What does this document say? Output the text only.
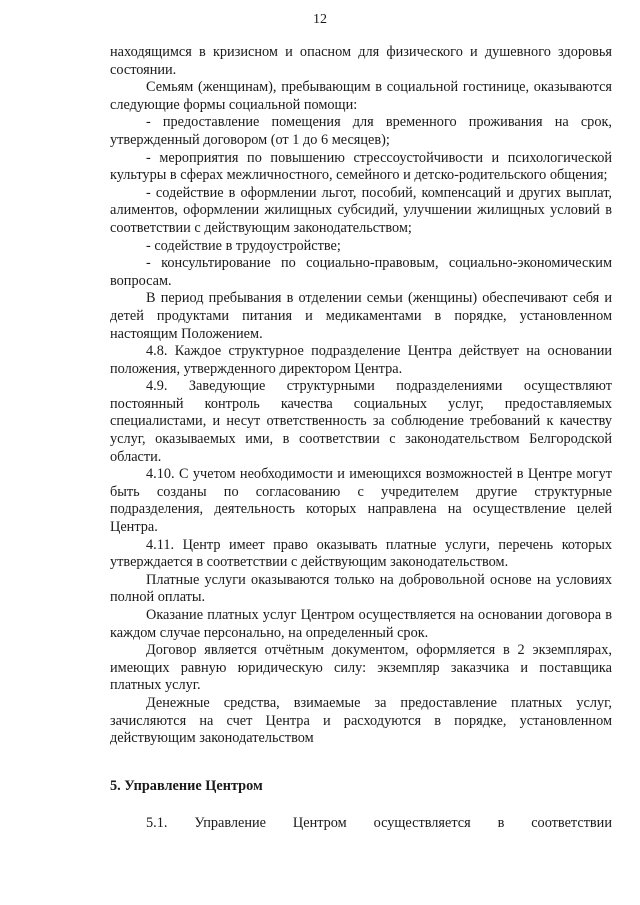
12

находящимся в кризисном и опасном для физического и душевного здоровья состоянии.

Семьям (женщинам), пребывающим в социальной гостинице, оказываются следующие формы социальной помощи:

- предоставление помещения для временного проживания на срок, утвержденный договором (от 1 до 6 месяцев);

- мероприятия по повышению стрессоустойчивости и психологической культуры в сферах межличностного, семейного и детско-родительского общения;

- содействие в оформлении льгот, пособий, компенсаций и других выплат, алиментов, оформлении жилищных субсидий, улучшении жилищных условий в соответствии с действующим законодательством;

- содействие в трудоустройстве;

- консультирование по социально-правовым, социально-экономическим вопросам.

В период пребывания в отделении семьи (женщины) обеспечивают себя и детей продуктами питания и медикаментами в порядке, установленном настоящим Положением.

4.8. Каждое структурное подразделение Центра действует на основании положения, утвержденного директором Центра.

4.9. Заведующие структурными подразделениями осуществляют постоянный контроль качества социальных услуг, предоставляемых специалистами, и несут ответственность за соблюдение требований к качеству услуг, оказываемых ими, в соответствии с законодательством Белгородской области.

4.10. С учетом необходимости и имеющихся возможностей в Центре могут быть созданы по согласованию с учредителем другие структурные подразделения, деятельность которых направлена на осуществление целей Центра.

4.11. Центр имеет право оказывать платные услуги, перечень которых утверждается в соответствии с действующим законодательством.

Платные услуги оказываются только на добровольной основе на условиях полной оплаты.

Оказание платных услуг Центром осуществляется на основании договора в каждом случае персонально, на определенный срок.

Договор является отчётным документом, оформляется в 2 экземплярах, имеющих равную юридическую силу: экземпляр заказчика и поставщика платных услуг.

Денежные средства, взимаемые за предоставление платных услуг, зачисляются на счет Центра и расходуются в порядке, установленном действующим законодательством

5. Управление Центром

5.1. Управление Центром осуществляется в соответствии
